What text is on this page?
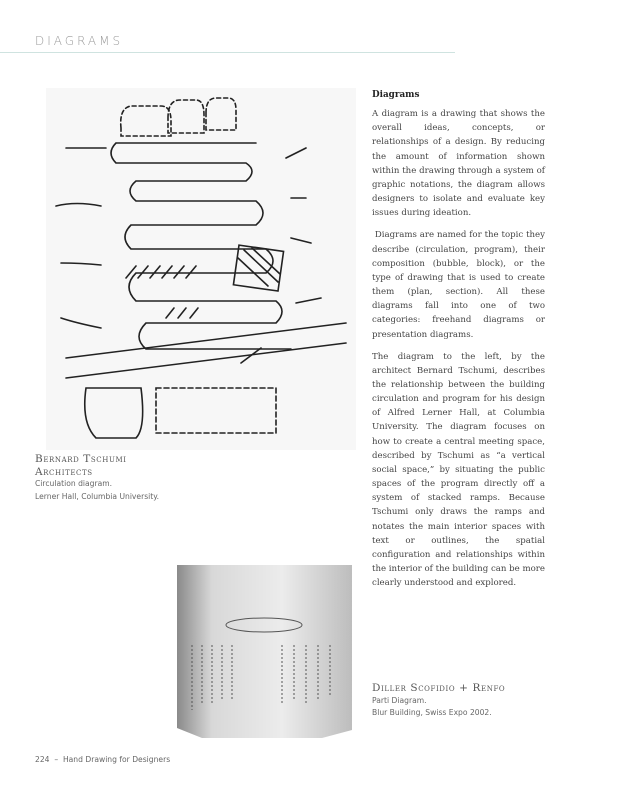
DIAGRAMS
Diagrams

A diagram is a drawing that shows the overall ideas, concepts, or relationships of a design. By reducing the amount of information shown within the drawing through a system of graphic notations, the diagram allows designers to isolate and evaluate key issues during ideation.

Diagrams are named for the topic they describe (circulation, program), their composition (bubble, block), or the type of drawing that is used to create them (plan, section). All these diagrams fall into one of two categories: freehand diagrams or presentation diagrams.

The diagram to the left, by the architect Bernard Tschumi, describes the relationship between the building circulation and program for his design of Alfred Lerner Hall, at Columbia University. The diagram focuses on how to create a central meeting space, described by Tschumi as “a vertical social space,” by situating the public spaces of the program directly off a system of stacked ramps. Because Tschumi only draws the ramps and notates the main interior spaces with text or outlines, the spatial configuration and relationships within the interior of the building can be more clearly understood and explored.

Bernard Tschumi
Architects
Circulation diagram.
Lerner Hall, Columbia University.
Diller Scofidio + Renfo
Parti Diagram.
Blur Building, Swiss Expo 2002.
224  –  Hand Drawing for Designers
